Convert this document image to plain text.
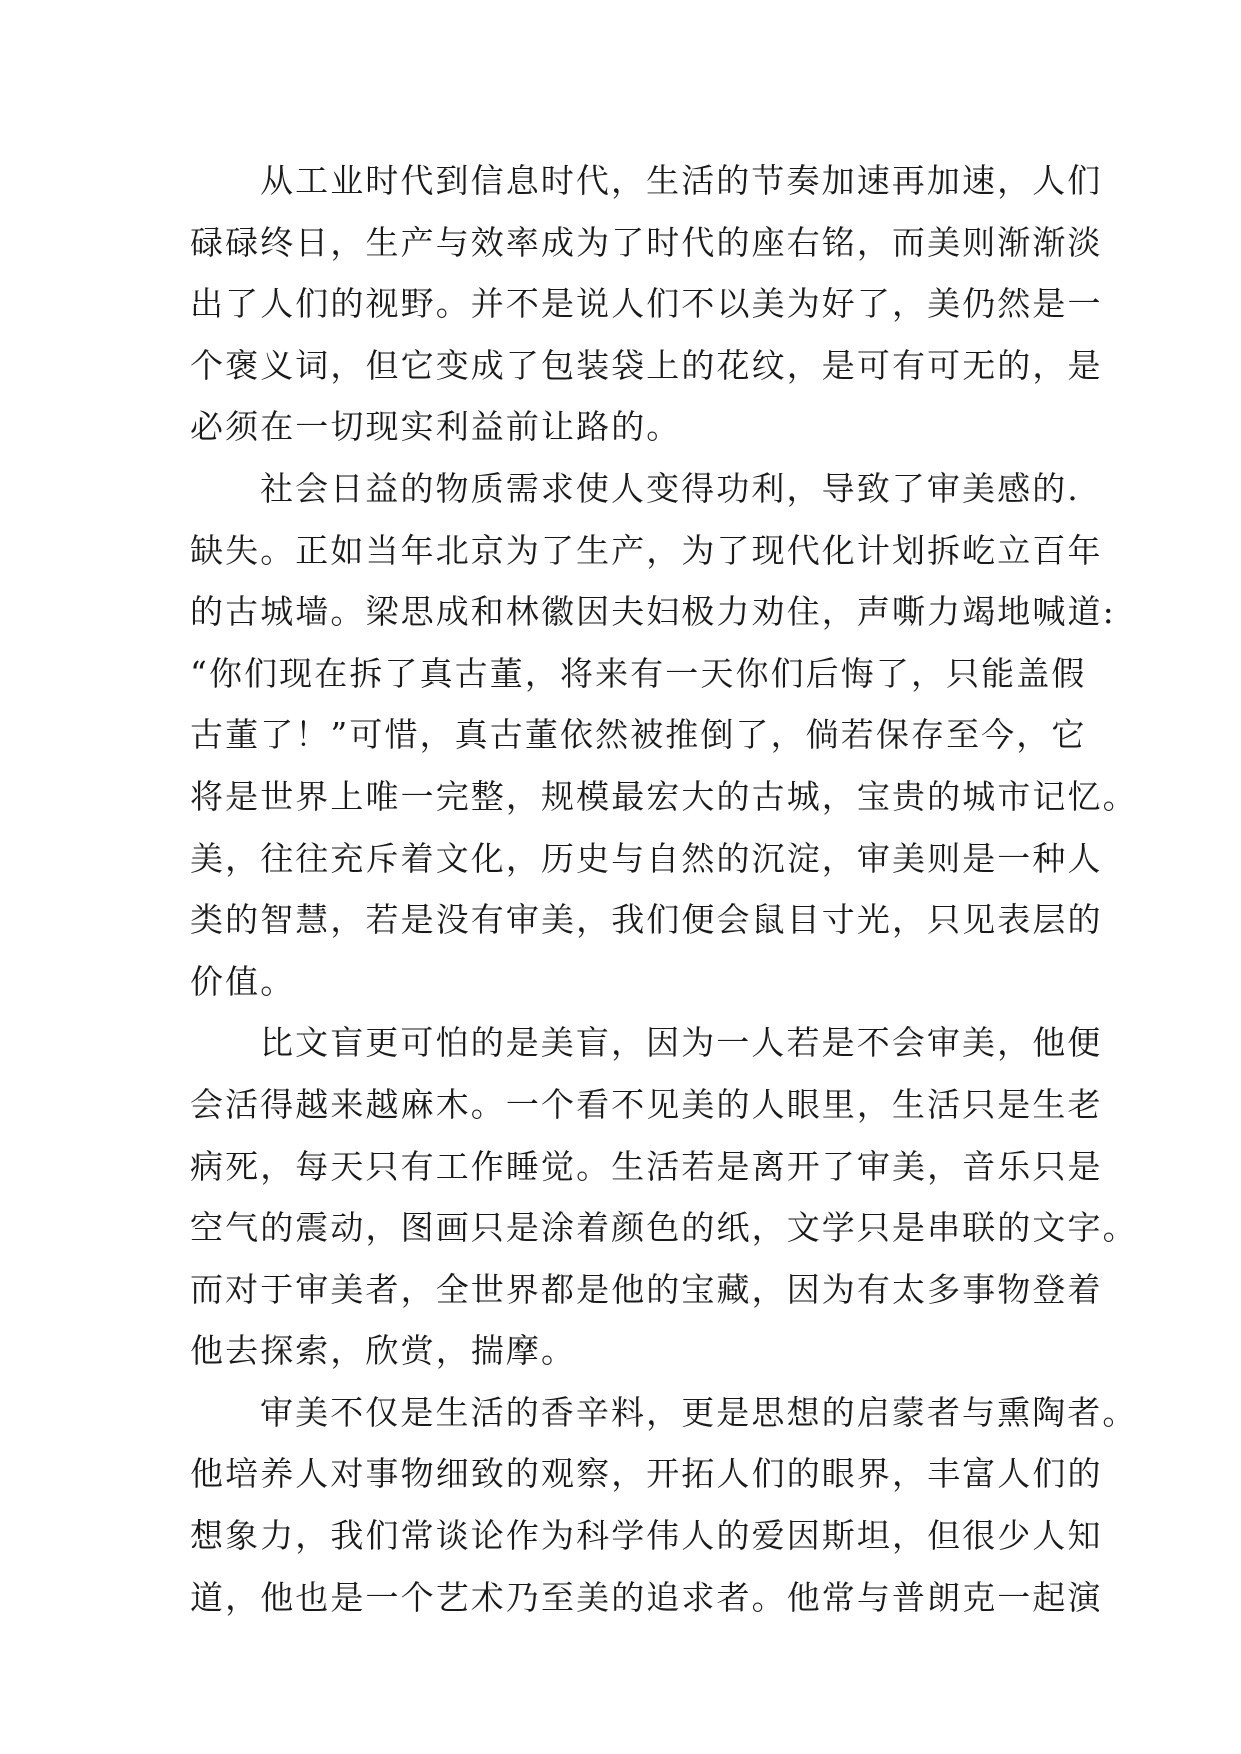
从工业时代到信息时代，生活的节奏加速再加速，人们
碌碌终日，生产与效率成为了时代的座右铭，而美则渐渐淡
出了人们的视野。并不是说人们不以美为好了，美仍然是一
个褒义词，但它变成了包装袋上的花纹，是可有可无的，是
必须在一切现实利益前让路的。
社会日益的物质需求使人变得功利，导致了审美感的.
缺失。正如当年北京为了生产，为了现代化计划拆屹立百年
的古城墙。梁思成和林徽因夫妇极力劝住，声嘶力竭地喊道:
“你们现在拆了真古董，将来有一天你们后悔了，只能盖假
古董了！”可惜，真古董依然被推倒了，倘若保存至今，它
将是世界上唯一完整，规模最宏大的古城，宝贵的城市记忆。
美，往往充斥着文化，历史与自然的沉淀，审美则是一种人
类的智慧，若是没有审美，我们便会鼠目寸光，只见表层的
价值。
比文盲更可怕的是美盲，因为一人若是不会审美，他便
会活得越来越麻木。一个看不见美的人眼里，生活只是生老
病死，每天只有工作睡觉。生活若是离开了审美，音乐只是
空气的震动，图画只是涂着颜色的纸，文学只是串联的文字。
而对于审美者，全世界都是他的宝藏，因为有太多事物登着
他去探索，欣赏，揣摩。
审美不仅是生活的香辛料，更是思想的启蒙者与熏陶者。
他培养人对事物细致的观察，开拓人们的眼界，丰富人们的
想象力，我们常谈论作为科学伟人的爱因斯坦，但很少人知
道，他也是一个艺术乃至美的追求者。他常与普朗克一起演
